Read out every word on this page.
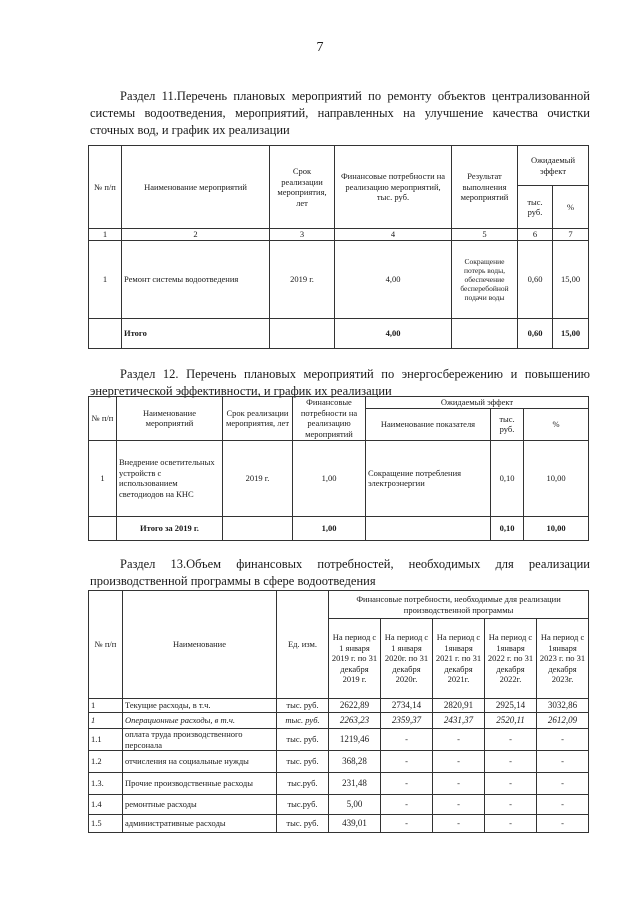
7
Раздел 11.Перечень плановых мероприятий по ремонту объектов централизованной системы водоотведения, мероприятий, направленных на улучшение качества очистки сточных вод, и график их реализации
№ п/п	Наименование мероприятий	Срок реализации мероприятия, лет	Финансовые потребности на реализацию мероприятий, тыс. руб.	Результат выполнения мероприятий	Ожидаемый эффект	
					тыс. руб.	%
1	2	3	4	5	6	7
1	Ремонт системы водоотведения	2019 г.	4,00	Сокращение потерь воды, обеспечение бесперебойной подачи воды	0,60	15,00
	Итого		4,00		0,60	15,00
Раздел 12. Перечень плановых мероприятий по энергосбережению и повышению энергетической эффективности, и график их реализации
№ п/п	Наименование мероприятий	Срок реализации мероприятия, лет	Финансовые потребности на реализацию мероприятий	Ожидаемый эффект		
				Наименование показателя	тыс. руб.	%
1	Внедрение осветительных устройств с использованием светодиодов на КНС	2019 г.	1,00	Сокращение потребления электроэнергии	0,10	10,00
	Итого за 2019 г.		1,00		0,10	10,00
Раздел 13.Объем финансовых потребностей, необходимых для реализации производственной программы в сфере водоотведения
№ п/п	Наименование	Ед. изм.	Финансовые потребности, необходимые для реализации производственной программы				
			На период с 1 января 2019 г. по 31 декабря 2019 г.	На период с 1 января 2020г. по 31 декабря 2020г.	На период с 1января 2021 г. по 31 декабря 2021г.	На период с 1января 2022 г. по 31 декабря 2022г.	На период с 1января 2023 г. по 31 декабря 2023г.
1	Текущие расходы, в т.ч.	тыс. руб.	2622,89	2734,14	2820,91	2925,14	3032,86
1	Операционные расходы, в т.ч.	тыс. руб.	2263,23	2359,37	2431,37	2520,11	2612,09
1.1	оплата труда производственного персонала	тыс. руб.	1219,46	-	-	-	-
1.2	отчисления на социальные нужды	тыс. руб.	368,28	-	-	-	-
1.3.	Прочие производственные расходы	тыс.руб.	231,48	-	-	-	-
1.4	ремонтные расходы	тыс.руб.	5,00	-	-	-	-
1.5	административные расходы	тыс. руб.	439,01	-	-	-	-
